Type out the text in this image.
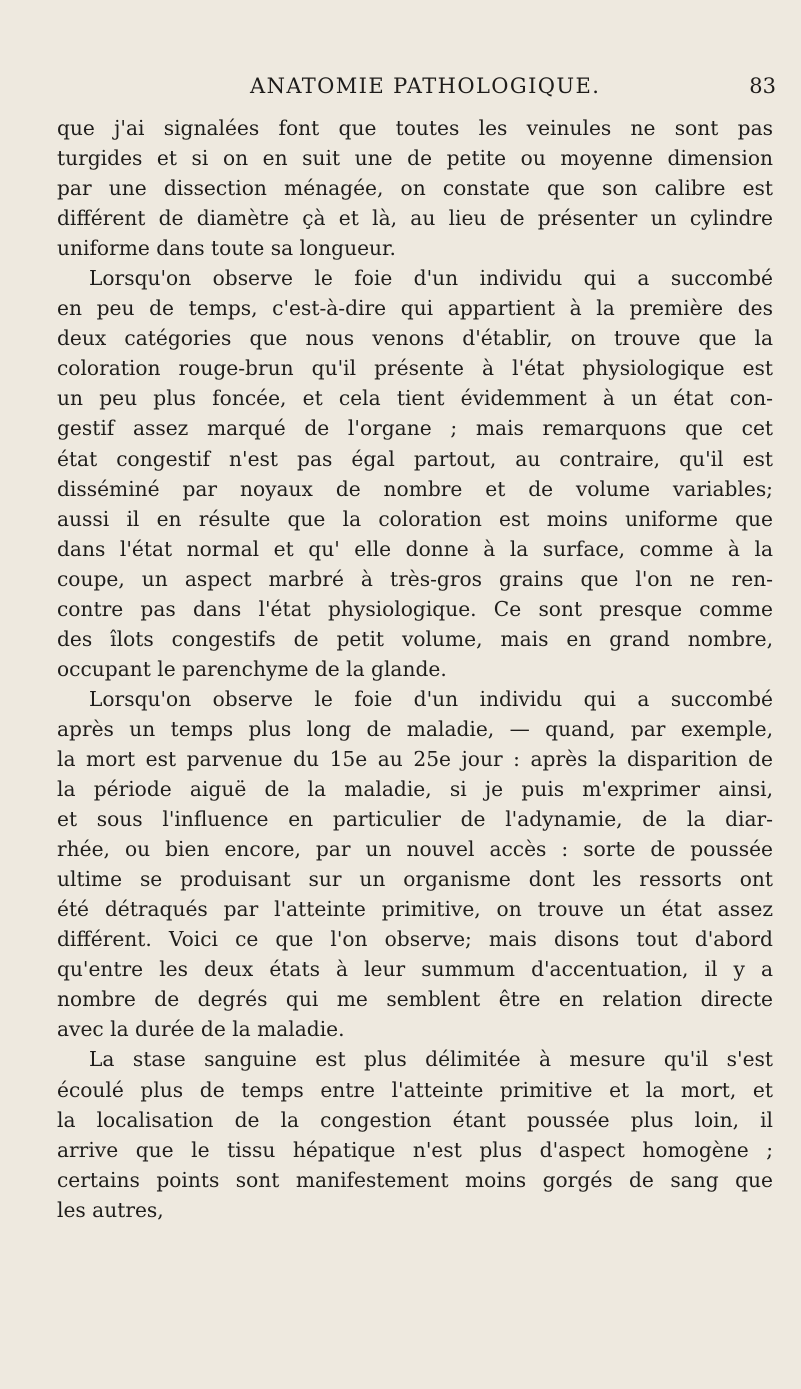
ANATOMIE PATHOLOGIQUE.	83
que j'ai signalées font que toutes les veinules ne sont pas
turgides et si on en suit une de petite ou moyenne dimension
par une dissection ménagée, on constate que son calibre est
différent de diamètre çà et là, au lieu de présenter un cylindre
uniforme dans toute sa longueur.
Lorsqu'on observe le foie d'un individu qui a succombé
en peu de temps, c'est-à-dire qui appartient à la première des
deux catégories que nous venons d'établir, on trouve que la
coloration rouge-brun qu'il présente à l'état physiologique est
un peu plus foncée, et cela tient évidemment à un état con-
gestif assez marqué de l'organe ; mais remarquons que cet
état congestif n'est pas égal partout, au contraire, qu'il est
disséminé par noyaux de nombre et de volume variables;
aussi il en résulte que la coloration est moins uniforme que
dans l'état normal et qu' elle donne à la surface, comme à la
coupe, un aspect marbré à très-gros grains que l'on ne ren-
contre pas dans l'état physiologique. Ce sont presque comme
des îlots congestifs de petit volume, mais en grand nombre,
occupant le parenchyme de la glande.
Lorsqu'on observe le foie d'un individu qui a succombé
après un temps plus long de maladie, — quand, par exemple,
la mort est parvenue du 15e au 25e jour : après la disparition de
la période aiguë de la maladie, si je puis m'exprimer ainsi,
et sous l'influence en particulier de l'adynamie, de la diar-
rhée, ou bien encore, par un nouvel accès : sorte de poussée
ultime se produisant sur un organisme dont les ressorts ont
été détraqués par l'atteinte primitive, on trouve un état assez
différent. Voici ce que l'on observe; mais disons tout d'abord
qu'entre les deux états à leur summum d'accentuation, il y a
nombre de degrés qui me semblent être en relation directe
avec la durée de la maladie.
La stase sanguine est plus délimitée à mesure qu'il s'est
écoulé plus de temps entre l'atteinte primitive et la mort, et
la localisation de la congestion étant poussée plus loin, il
arrive que le tissu hépatique n'est plus d'aspect homogène ;
certains points sont manifestement moins gorgés de sang que
les autres,
